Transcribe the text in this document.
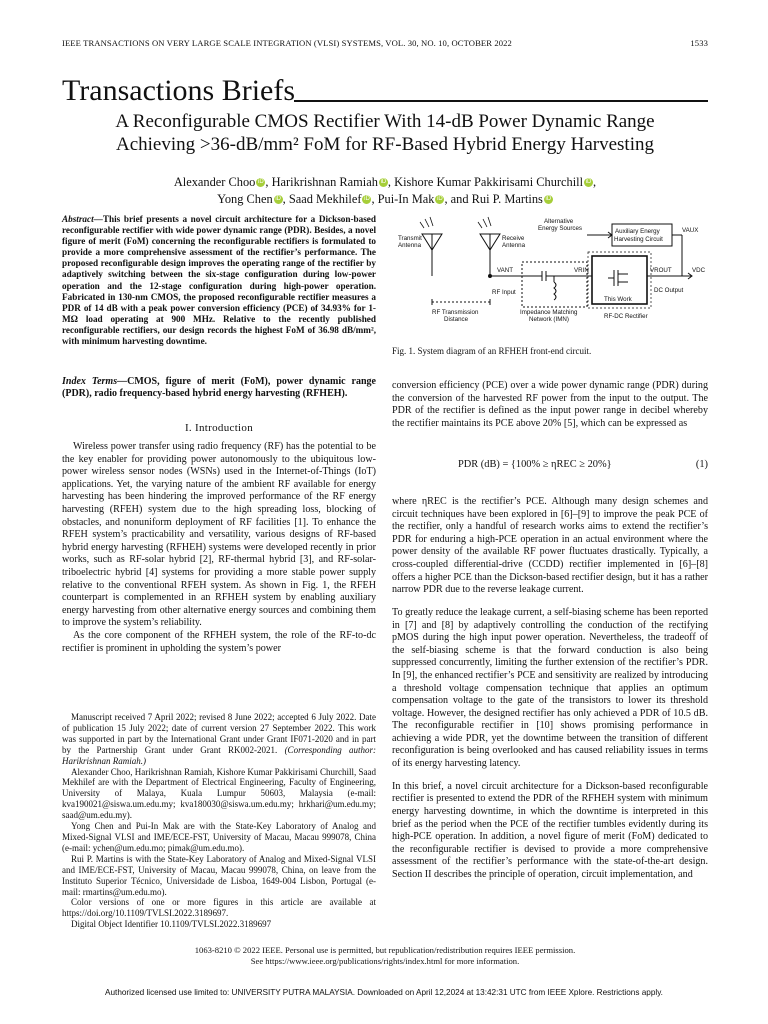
IEEE TRANSACTIONS ON VERY LARGE SCALE INTEGRATION (VLSI) SYSTEMS, VOL. 30, NO. 10, OCTOBER 2022	1533
Transactions Briefs
A Reconfigurable CMOS Rectifier With 14-dB Power Dynamic Range
Achieving >36-dB/mm² FoM for RF-Based Hybrid Energy Harvesting
Alexander Choo iD , Harikrishnan Ramiah iD , Kishore Kumar Pakkirisami Churchill iD ,
Yong Chen iD , Saad Mekhilef iD , Pui-In Mak iD , and Rui P. Martins iD
Abstract—This brief presents a novel circuit architecture for a Dickson-based reconfigurable rectifier with wide power dynamic range (PDR). Besides, a novel figure of merit (FoM) concerning the reconfigurable rectifiers is formulated to provide a more comprehensive assessment of the rectifier’s performance. The proposed reconfigurable design improves the operating range of the rectifier by adaptively switching between the six-stage configuration during low-power operation and the 12-stage configuration during high-power operation. Fabricated in 130-nm CMOS, the proposed reconfigurable rectifier measures a PDR of 14 dB with a peak power conversion efficiency (PCE) of 34.93% for 1-MΩ load operating at 900 MHz. Relative to the recently published reconfigurable rectifiers, our design records the highest FoM of 36.98 dB/mm², with minimum harvesting downtime.
Index Terms—CMOS, figure of merit (FoM), power dynamic range (PDR), radio frequency-based hybrid energy harvesting (RFHEH).
I. Introduction

Wireless power transfer using radio frequency (RF) has the potential to be the key enabler for providing power autonomously to the ubiquitous low-power wireless sensor nodes (WSNs) used in the Internet-of-Things (IoT) applications. Yet, the varying nature of the ambient RF available for energy harvesting has been hindering the improved performance of the RF energy harvesting (RFEH) system due to the high spreading loss, blocking of obstacles, and nonuniform deployment of RF facilities [1]. To enhance the RFEH system’s practicability and versatility, various designs of RF-based hybrid energy harvesting (RFHEH) systems were developed recently in prior works, such as RF-solar hybrid [2], RF-thermal hybrid [3], and RF-solar-triboelectric hybrid [4] systems for providing a more stable power supply relative to the conventional RFEH system. As shown in Fig. 1, the RFEH counterpart is complemented in an RFHEH system by enabling auxiliary energy harvesting from other alternative energy sources and combining them to improve the system’s reliability.

As the core component of the RFHEH system, the role of the RF-to-dc rectifier is prominent in upholding the system’s power

Manuscript received 7 April 2022; revised 8 June 2022; accepted 6 July 2022. Date of publication 15 July 2022; date of current version 27 September 2022. This work was supported in part by the International Grant under Grant IF071-2020 and in part by the Partnership Grant under Grant RK002-2021. (Corresponding author: Harikrishnan Ramiah.)

Alexander Choo, Harikrishnan Ramiah, Kishore Kumar Pakkirisami Churchill, Saad Mekhilef are with the Department of Electrical Engineering, Faculty of Engineering, University of Malaya, Kuala Lumpur 50603, Malaysia (e-mail: kva190021@siswa.um.edu.my; kva180030@siswa.um.edu.my; hrkhari@um.edu.my; saad@um.edu.my).

Yong Chen and Pui-In Mak are with the State-Key Laboratory of Analog and Mixed-Signal VLSI and IME/ECE-FST, University of Macau, Macau 999078, China (e-mail: ychen@um.edu.mo; pimak@um.edu.mo).

Rui P. Martins is with the State-Key Laboratory of Analog and Mixed-Signal VLSI and IME/ECE-FST, University of Macau, Macau 999078, China, on leave from the Instituto Superior Técnico, Universidade de Lisboa, 1649-004 Lisbon, Portugal (e-mail: rmartins@um.edu.mo).

Color versions of one or more figures in this article are available at https://doi.org/10.1109/TVLSI.2022.3189697.

Digital Object Identifier 10.1109/TVLSI.2022.3189697

Transmit
Antenna
Receive
Antenna
Alternative
Energy Sources	Auxiliary Energy
Harvesting Circuit
VAUX
VANT
RF Input
VRIN	VROUT	VDC
This Work
DC Output
RF Transmission
Distance
Impedance Matching
Network (IMN)	RF-DC Rectifier
Fig. 1. System diagram of an RFHEH front-end circuit.

conversion efficiency (PCE) over a wide power dynamic range (PDR) during the conversion of the harvested RF power from the input to the output. The PDR of the rectifier is defined as the input power range in decibel whereby the rectifier maintains its PCE above 20% [5], which can be expressed as

PDR (dB) = {100% ≥ ηREC ≥ 20%}	(1)

where ηREC is the rectifier’s PCE. Although many design schemes and circuit techniques have been explored in [6]–[9] to improve the peak PCE of the rectifier, only a handful of research works aims to extend the rectifier’s PDR for enduring a high-PCE operation in an actual environment where the power density of the available RF power fluctuates drastically. Typically, a cross-coupled differential-drive (CCDD) rectifier implemented in [6]–[8] offers a higher PCE than the Dickson-based rectifier design, but it has a rather narrow PDR due to the reverse leakage current.

To greatly reduce the leakage current, a self-biasing scheme has been reported in [7] and [8] by adaptively controlling the conduction of the rectifying pMOS during the high input power operation. Nevertheless, the tradeoff of the self-biasing scheme is that the forward conduction is also being suppressed concurrently, limiting the further extension of the rectifier’s PDR. In [9], the enhanced rectifier’s PCE and sensitivity are realized by introducing a threshold voltage compensation technique that applies an optimum compensation voltage to the gate of the transistors to lower its threshold voltage. However, the designed rectifier has only achieved a PDR of 10.5 dB. The reconfigurable rectifier in [10] shows promising performance in achieving a wide PDR, yet the downtime between the transition of different reconfiguration is being overlooked and has caused reliability issues in terms of its energy harvesting latency.

In this brief, a novel circuit architecture for a Dickson-based reconfigurable rectifier is presented to extend the PDR of the RFHEH system with minimum energy harvesting downtime, in which the downtime is interpreted in this brief as the period when the PCE of the rectifier tumbles evidently during its high-PCE operation. In addition, a novel figure of merit (FoM) dedicated to the reconfigurable rectifier is devised to provide a more comprehensive assessment of the rectifier’s performance with the state-of-the-art design. Section II describes the principle of operation, circuit implementation, and

1063-8210 © 2022 IEEE. Personal use is permitted, but republication/redistribution requires IEEE permission.
See https://www.ieee.org/publications/rights/index.html for more information.
Authorized licensed use limited to: UNIVERSITY PUTRA MALAYSIA. Downloaded on April 12,2024 at 13:42:31 UTC from IEEE Xplore. Restrictions apply.
